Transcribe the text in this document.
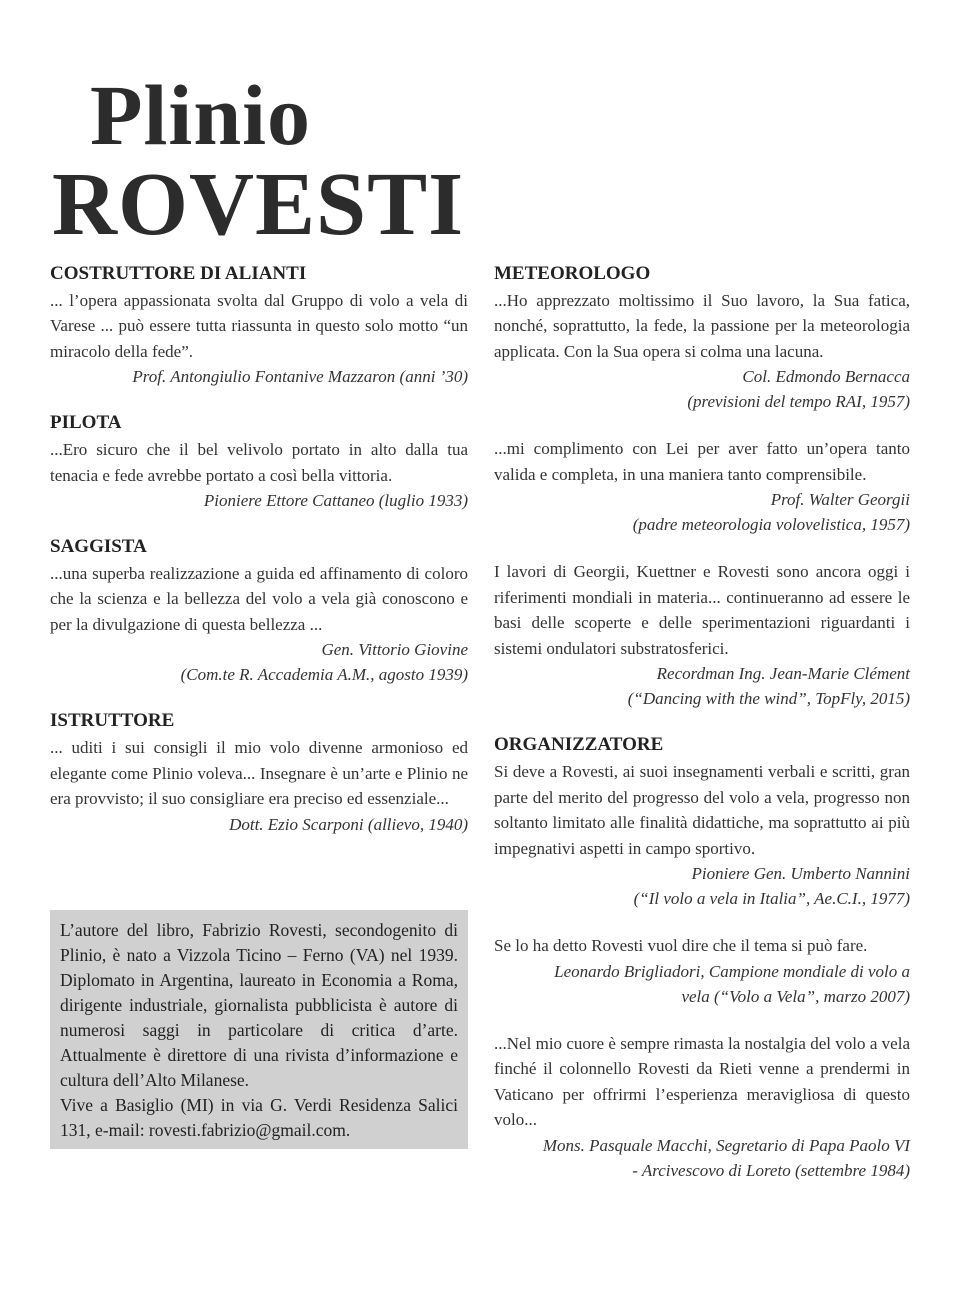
Plinio
ROVESTI
COSTRUTTORE DI ALIANTI

... l’opera appassionata svolta dal Gruppo di volo a vela di Varese ... può essere tutta riassunta in questo solo motto “un miracolo della fede”.

Prof. Antongiulio Fontanive Mazzaron (anni ’30)

PILOTA

...Ero sicuro che il bel velivolo portato in alto dalla tua tenacia e fede avrebbe portato a così bella vittoria.

Pioniere Ettore Cattaneo (luglio 1933)

SAGGISTA

...una superba realizzazione a guida ed affinamento di coloro che la scienza e la bellezza del volo a vela già conoscono e per la divulgazione di questa bellezza ...

Gen. Vittorio Giovine

(Com.te R. Accademia A.M., agosto 1939)

ISTRUTTORE

... uditi i sui consigli il mio volo divenne armonioso ed elegante come Plinio voleva... Insegnare è un’arte e Plinio ne era provvisto; il suo consigliare era preciso ed essenziale...

Dott. Ezio Scarponi (allievo, 1940)

L’autore del libro, Fabrizio Rovesti, secondogenito di Plinio, è nato a Vizzola Ticino – Ferno (VA) nel 1939. Diplomato in Argentina, laureato in Economia a Roma, dirigente industriale, giornalista pubblicista è autore di numerosi saggi in particolare di critica d’arte. Attualmente è direttore di una rivista d’informazione e cultura dell’Alto Milanese.

Vive a Basiglio (MI) in via G. Verdi Residenza Salici 131, e-mail: rovesti.fabrizio@gmail.com.

METEOROLOGO

...Ho apprezzato moltissimo il Suo lavoro, la Sua fatica, nonché, soprattutto, la fede, la passione per la meteorologia applicata. Con la Sua opera si colma una lacuna.

Col. Edmondo Bernacca

(previsioni del tempo RAI, 1957)

...mi complimento con Lei per aver fatto un’opera tanto valida e completa, in una maniera tanto comprensibile.

Prof. Walter Georgii

(padre meteorologia volovelistica, 1957)

I lavori di Georgii, Kuettner e Rovesti sono ancora oggi i riferimenti mondiali in materia... continueranno ad essere le basi delle scoperte e delle sperimentazioni riguardanti i sistemi ondulatori substratosferici.

Recordman Ing. Jean-Marie Clément

(“Dancing with the wind”, TopFly, 2015)

ORGANIZZATORE

Si deve a Rovesti, ai suoi insegnamenti verbali e scritti, gran parte del merito del progresso del volo a vela, progresso non soltanto limitato alle finalità didattiche, ma soprattutto ai più impegnativi aspetti in campo sportivo.

Pioniere Gen. Umberto Nannini

(“Il volo a vela in Italia”, Ae.C.I., 1977)

Se lo ha detto Rovesti vuol dire che il tema si può fare.

Leonardo Brigliadori, Campione mondiale di volo a

vela (“Volo a Vela”, marzo 2007)

...Nel mio cuore è sempre rimasta la nostalgia del volo a vela finché il colonnello Rovesti da Rieti venne a prendermi in Vaticano per offrirmi l’esperienza meravigliosa di questo volo...

Mons. Pasquale Macchi, Segretario di Papa Paolo VI

- Arcivescovo di Loreto (settembre 1984)
